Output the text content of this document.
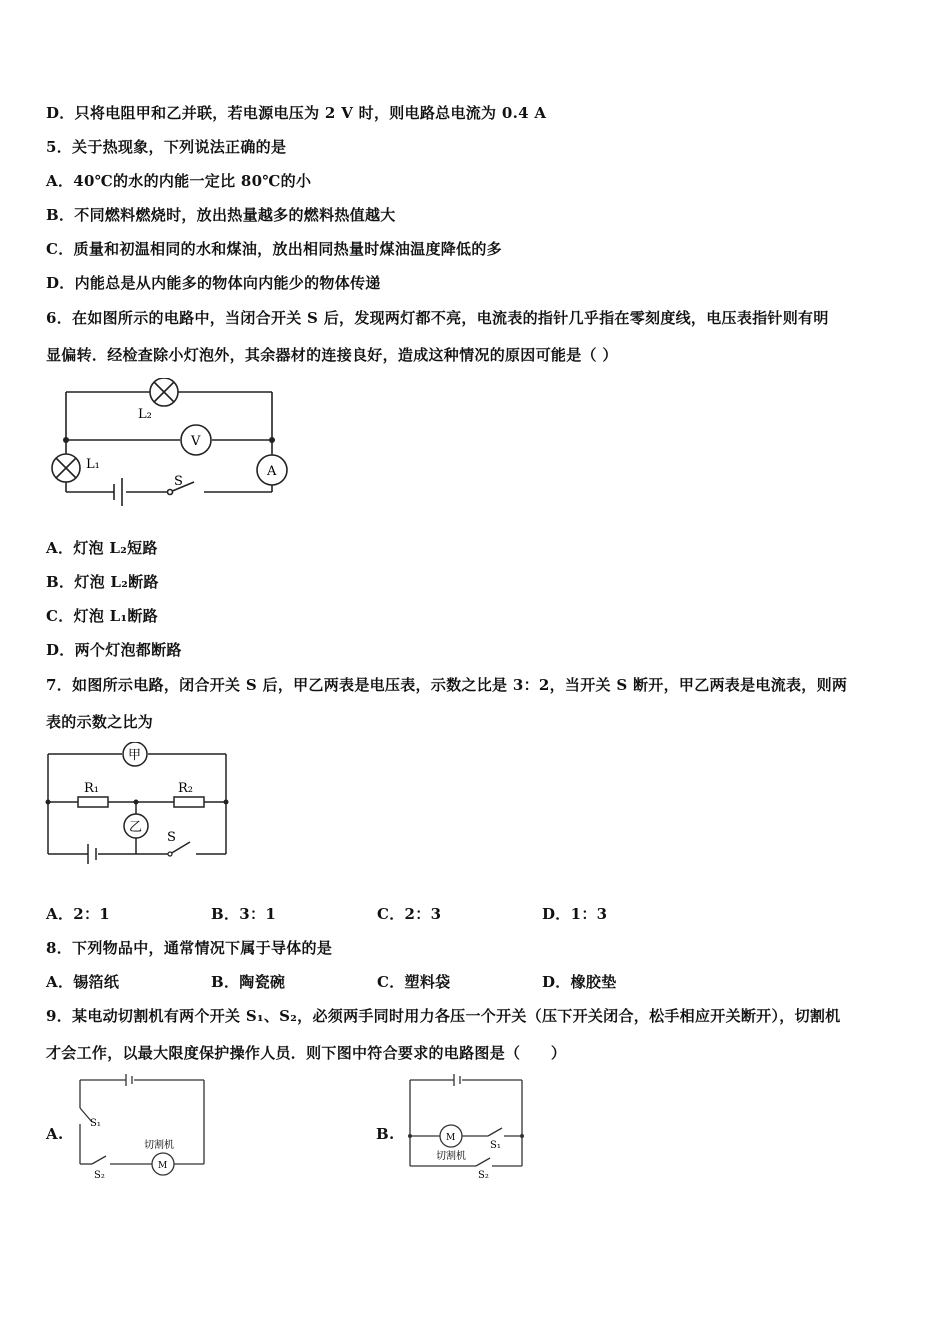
D．只将电阻甲和乙并联，若电源电压为 2 V 时，则电路总电流为 0.4 A
5．关于热现象，下列说法正确的是
A．40℃的水的内能一定比 80℃的小
B．不同燃料燃烧时，放出热量越多的燃料热值越大
C．质量和初温相同的水和煤油，放出相同热量时煤油温度降低的多
D．内能总是从内能多的物体向内能少的物体传递
6．在如图所示的电路中，当闭合开关 S 后，发现两灯都不亮，电流表的指针几乎指在零刻度线，电压表指针则有明
显偏转．经检查除小灯泡外，其余器材的连接良好，造成这种情况的原因可能是（ ）
L₂
V
L₁	A
S
A．灯泡 L₂短路
B．灯泡 L₂断路
C．灯泡 L₁断路
D．两个灯泡都断路
7．如图所示电路，闭合开关 S 后，甲乙两表是电压表，示数之比是 3：2，当开关 S 断开，甲乙两表是电流表，则两
表的示数之比为
甲
乙
R₁	R₂
S
A．2：1	B．3：1	C．2：3	D．1：3
8．下列物品中，通常情况下属于导体的是
A．锡箔纸	B．陶瓷碗	C．塑料袋	D．橡胶垫
9．某电动切割机有两个开关 S₁、S₂，必须两手同时用力各压一个开关（压下开关闭合，松手相应开关断开），切割机
才会工作，以最大限度保护操作人员．则下图中符合要求的电路图是（　　）
A.	B.
S₁
S₂
M
切割机	S₁
S₂
M
切割机
